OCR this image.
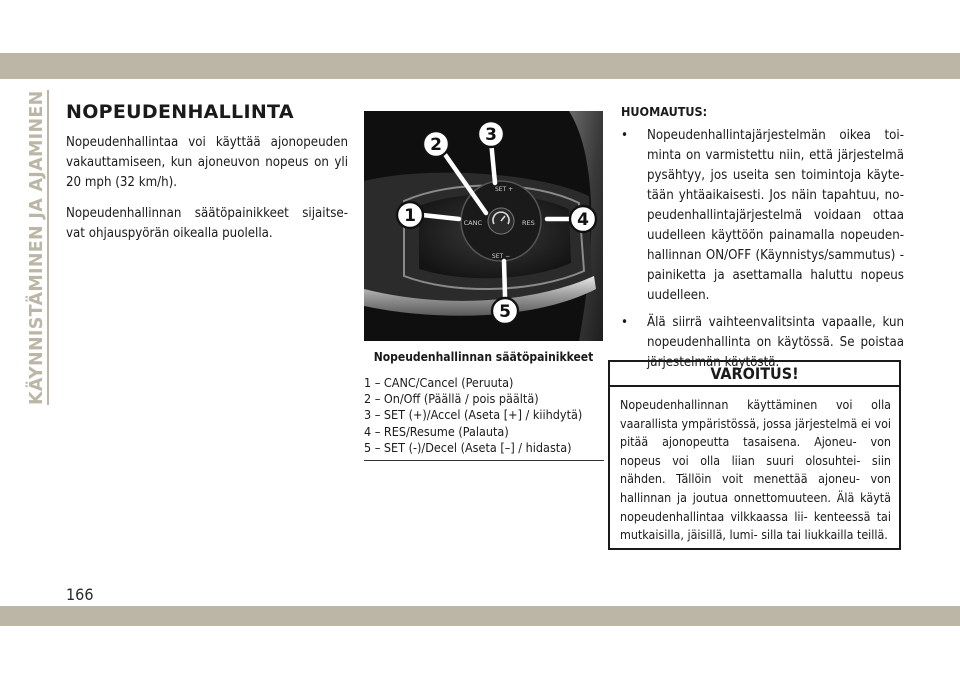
KÄYNNISTÄMINEN JA AJAMINEN
166
NOPEUDENHALLINTA

Nopeudenhallintaa voi käyttää ajonopeuden vakauttamiseen, kun ajoneuvon nopeus on yli 20 mph (32 km/h).

Nopeudenhallinnan säätöpainikkeet sijaitse- vat ohjauspyörän oikealla puolella.

CANC	RES
SET +
SET −
1
2	3
4
5
Nopeudenhallinnan säätöpainikkeet
1 – CANC/Cancel (Peruuta)
2 – On/Off (Päällä / pois päältä)
3 – SET (+)/Accel (Aseta [+] / kiihdytä)
4 – RES/Resume (Palauta)
5 – SET (-)/Decel (Aseta [–] / hidasta)
HUOMAUTUS:
• Nopeudenhallintajärjestelmän oikea toi- minta on varmistettu niin, että järjestelmä pysähtyy, jos useita sen toimintoja käyte- tään yhtäaikaisesti. Jos näin tapahtuu, no- peudenhallintajärjestelmä voidaan ottaa uudelleen käyttöön painamalla nopeuden- hallinnan ON/OFF (Käynnistys/sammutus) -painiketta ja asettamalla haluttu nopeus uudelleen.
• Älä siirrä vaihteenvalitsinta vapaalle, kun nopeudenhallinta on käytössä. Se poistaa järjestelmän käytöstä.
VAROITUS!
Nopeudenhallinnan käyttäminen voi olla vaarallista ympäristössä, jossa järjestelmä ei voi pitää ajonopeutta tasaisena. Ajoneu- von nopeus voi olla liian suuri olosuhtei- siin nähden. Tällöin voit menettää ajoneu- von hallinnan ja joutua onnettomuuteen. Älä käytä nopeudenhallintaa vilkkaassa lii- kenteessä tai mutkaisilla, jäisillä, lumi- silla tai liukkailla teillä.
